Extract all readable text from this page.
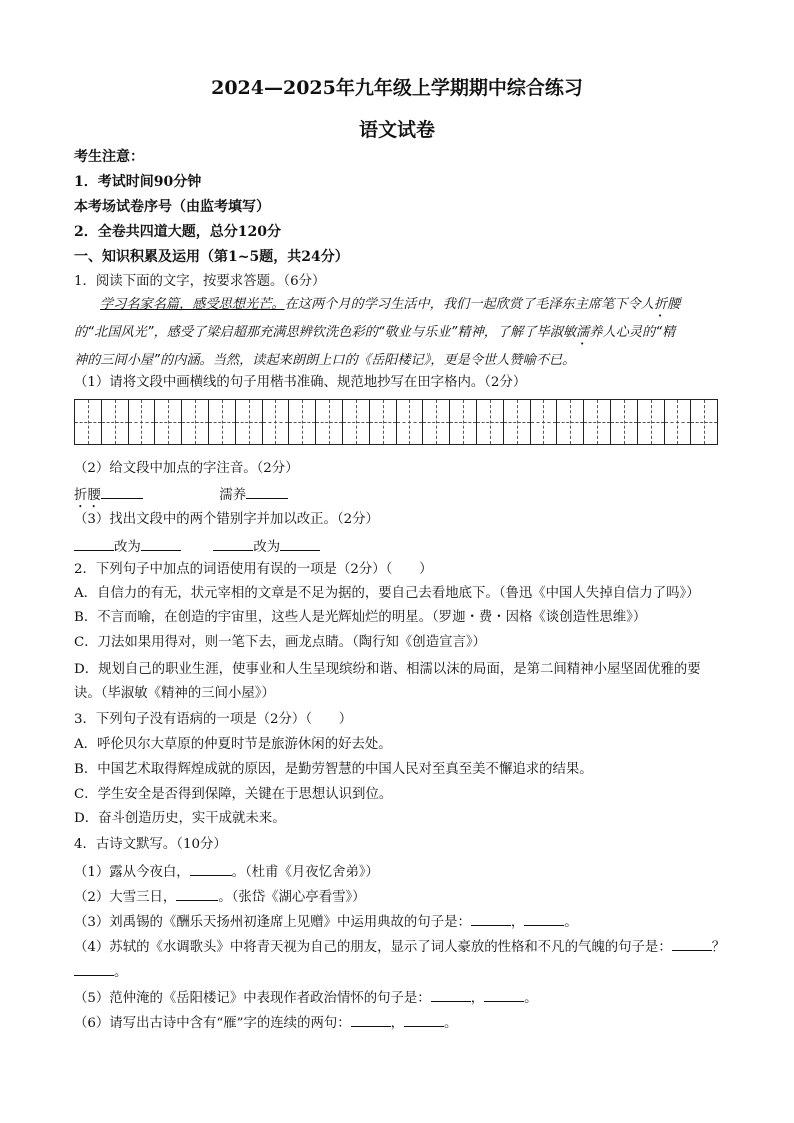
2024—2025年九年级上学期期中综合练习
语文试卷
考生注意：
1．考试时间90分钟
本考场试卷序号（由监考填写）
2．全卷共四道大题，总分120分
一、知识积累及运用（第1~5题，共24分）
1．阅读下面的文字，按要求答题。（6分）
学习名家名篇，感受思想光芒。在这两个月的学习生活中，我们一起欣赏了毛泽东主席笔下令人折腰
的“北国风光”，感受了梁启超那充满思辨钦洗色彩的“敬业与乐业”精神，了解了毕淑敏濡养人心灵的“精
神的三间小屋”的内涵。当然，读起来朗朗上口的《岳阳楼记》，更是令世人赞喻不已。
（1）请将文段中画横线的句子用楷书准确、规范地抄写在田字格内。（2分）
（2）给文段中加点的字注音。（2分）
折腰	濡养
（3）找出文段中的两个错别字并加以改正。（2分）
改为	改为
2．下列句子中加点的词语使用有误的一项是（2分）（　　）
A．自信力的有无，状元宰相的文章是不足为据的，要自己去看地底下。（鲁迅《中国人失掉自信力了吗》）
B．不言而喻，在创造的宇宙里，这些人是光辉灿烂的明星。（罗迦・费・因格《谈创造性思维》）
C．刀法如果用得对，则一笔下去，画龙点睛。（陶行知《创造宣言》）
D．规划自己的职业生涯，使事业和人生呈现缤纷和谐、相濡以沫的局面，是第二间精神小屋坚固优雅的要
诀。（毕淑敏《精神的三间小屋》）
3．下列句子没有语病的一项是（2分）（　　）
A．呼伦贝尔大草原的仲夏时节是旅游休闲的好去处。
B．中国艺术取得辉煌成就的原因，是勤劳智慧的中国人民对至真至美不懈追求的结果。
C．学生安全是否得到保障，关键在于思想认识到位。
D．奋斗创造历史，实干成就未来。
4．古诗文默写。（10分）
（1）露从今夜白，	。（杜甫《月夜忆舍弟》）
（2）大雪三日，	。（张岱《湖心亭看雪》）
（3）刘禹锡的《酬乐天扬州初逢席上见赠》中运用典故的句子是：	，	。
（4）苏轼的《水调歌头》中将青天视为自己的朋友，显示了词人豪放的性格和不凡的气魄的句子是：	？
。
（5）范仲淹的《岳阳楼记》中表现作者政治情怀的句子是：	，	。
（6）请写出古诗中含有“雁”字的连续的两句：	，	。
